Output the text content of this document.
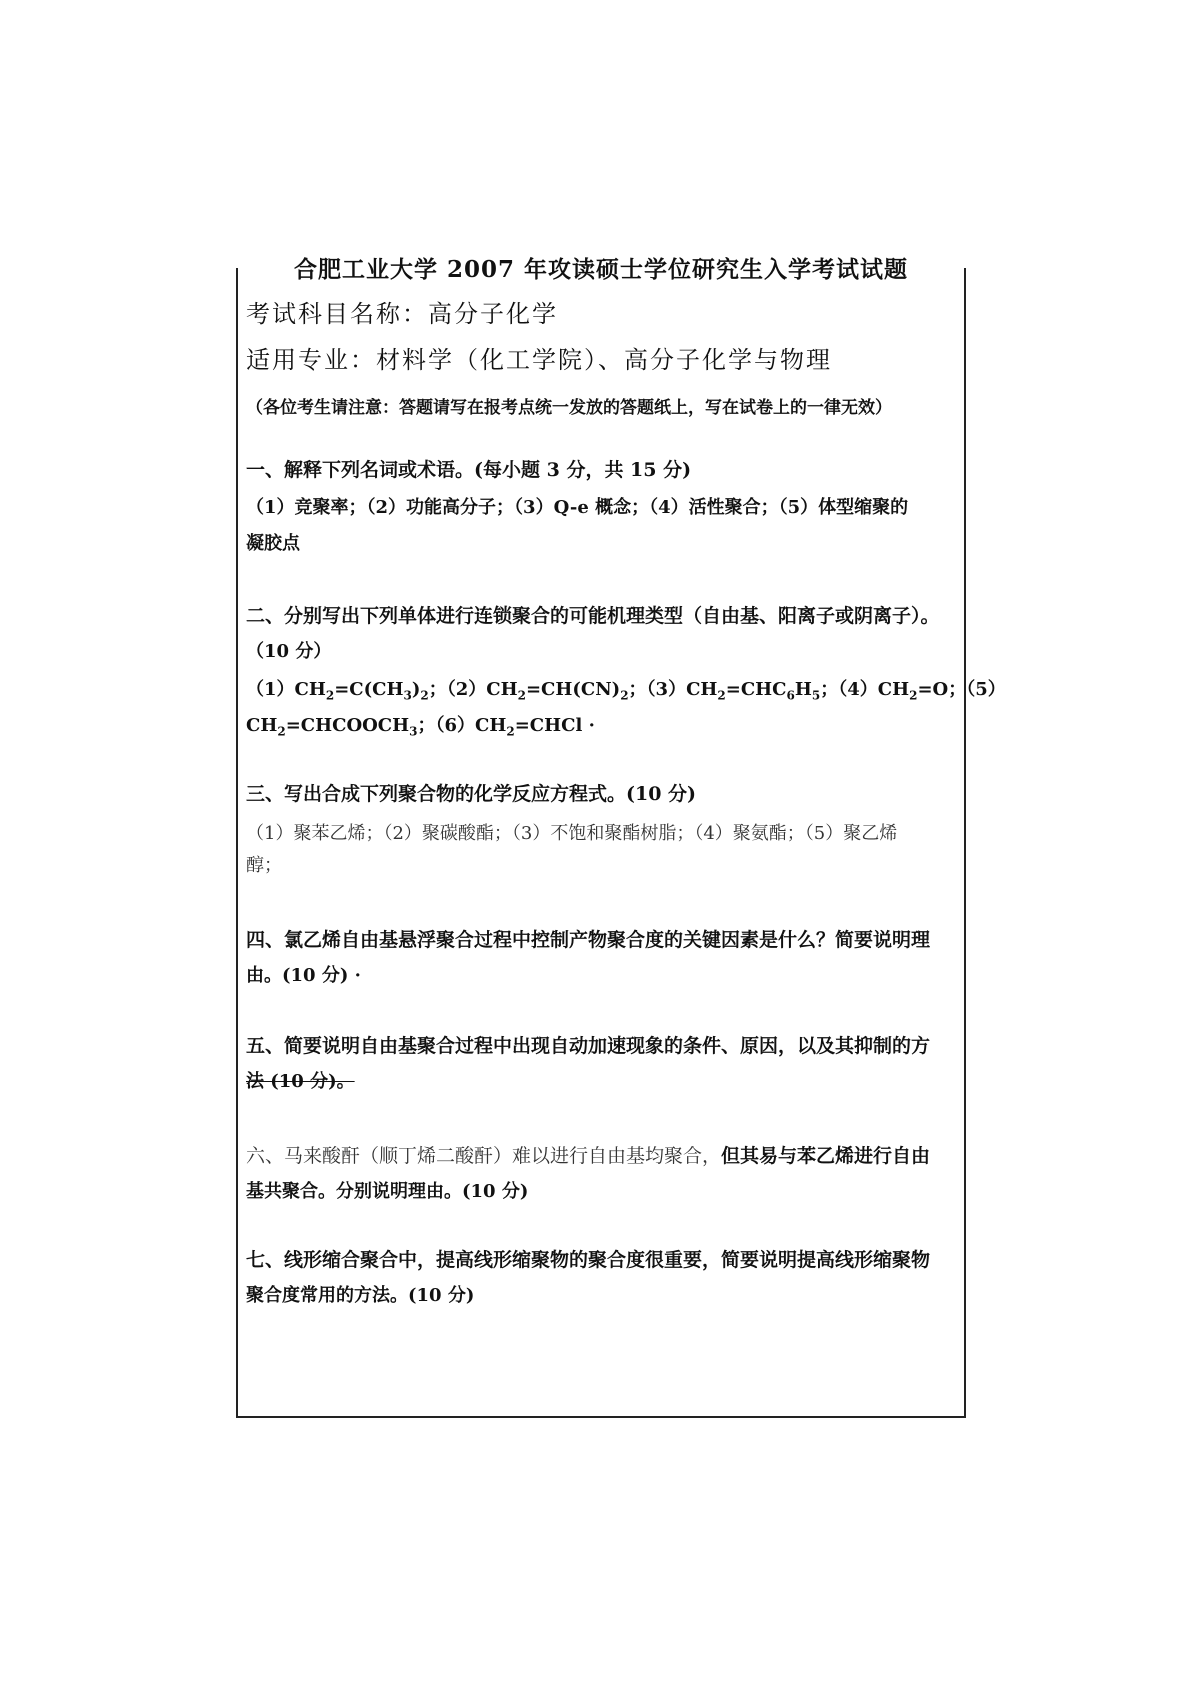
合肥工业大学 2007 年攻读硕士学位研究生入学考试试题
考试科目名称：高分子化学
适用专业：材料学（化工学院）、高分子化学与物理
（各位考生请注意：答题请写在报考点统一发放的答题纸上，写在试卷上的一律无效）
一、解释下列名词或术语。(每小题 3 分，共 15 分)
（1）竞聚率；（2）功能高分子；（3）Q-e 概念；（4）活性聚合；（5）体型缩聚的
凝胶点
二、分别写出下列单体进行连锁聚合的可能机理类型（自由基、阳离子或阴离子）。
（10 分）
$(1)CH_2=C(CH_3)_2$；$(2)CH_2=CH(CN)_2$；$(3)CH_2=CHC_6H_5$；$(4)CH_2=O$；（5）
$CH_2=CHCOOCH_3$；$(6)CH_2=CHCl$ ·
三、写出合成下列聚合物的化学反应方程式。(10 分)
（1）聚苯乙烯；（2）聚碳酸酯；（3）不饱和聚酯树脂；（4）聚氨酯；（5）聚乙烯
醇；
四、氯乙烯自由基悬浮聚合过程中控制产物聚合度的关键因素是什么？简要说明理
由。(10 分) ·
五、简要说明自由基聚合过程中出现自动加速现象的条件、原因，以及其抑制的方
法 (10 分)。
六、马来酸酐（顺丁烯二酸酐）难以进行自由基均聚合，但其易与苯乙烯进行自由
基共聚合。分别说明理由。(10 分)
七、线形缩合聚合中，提高线形缩聚物的聚合度很重要，简要说明提高线形缩聚物
聚合度常用的方法。(10 分)
